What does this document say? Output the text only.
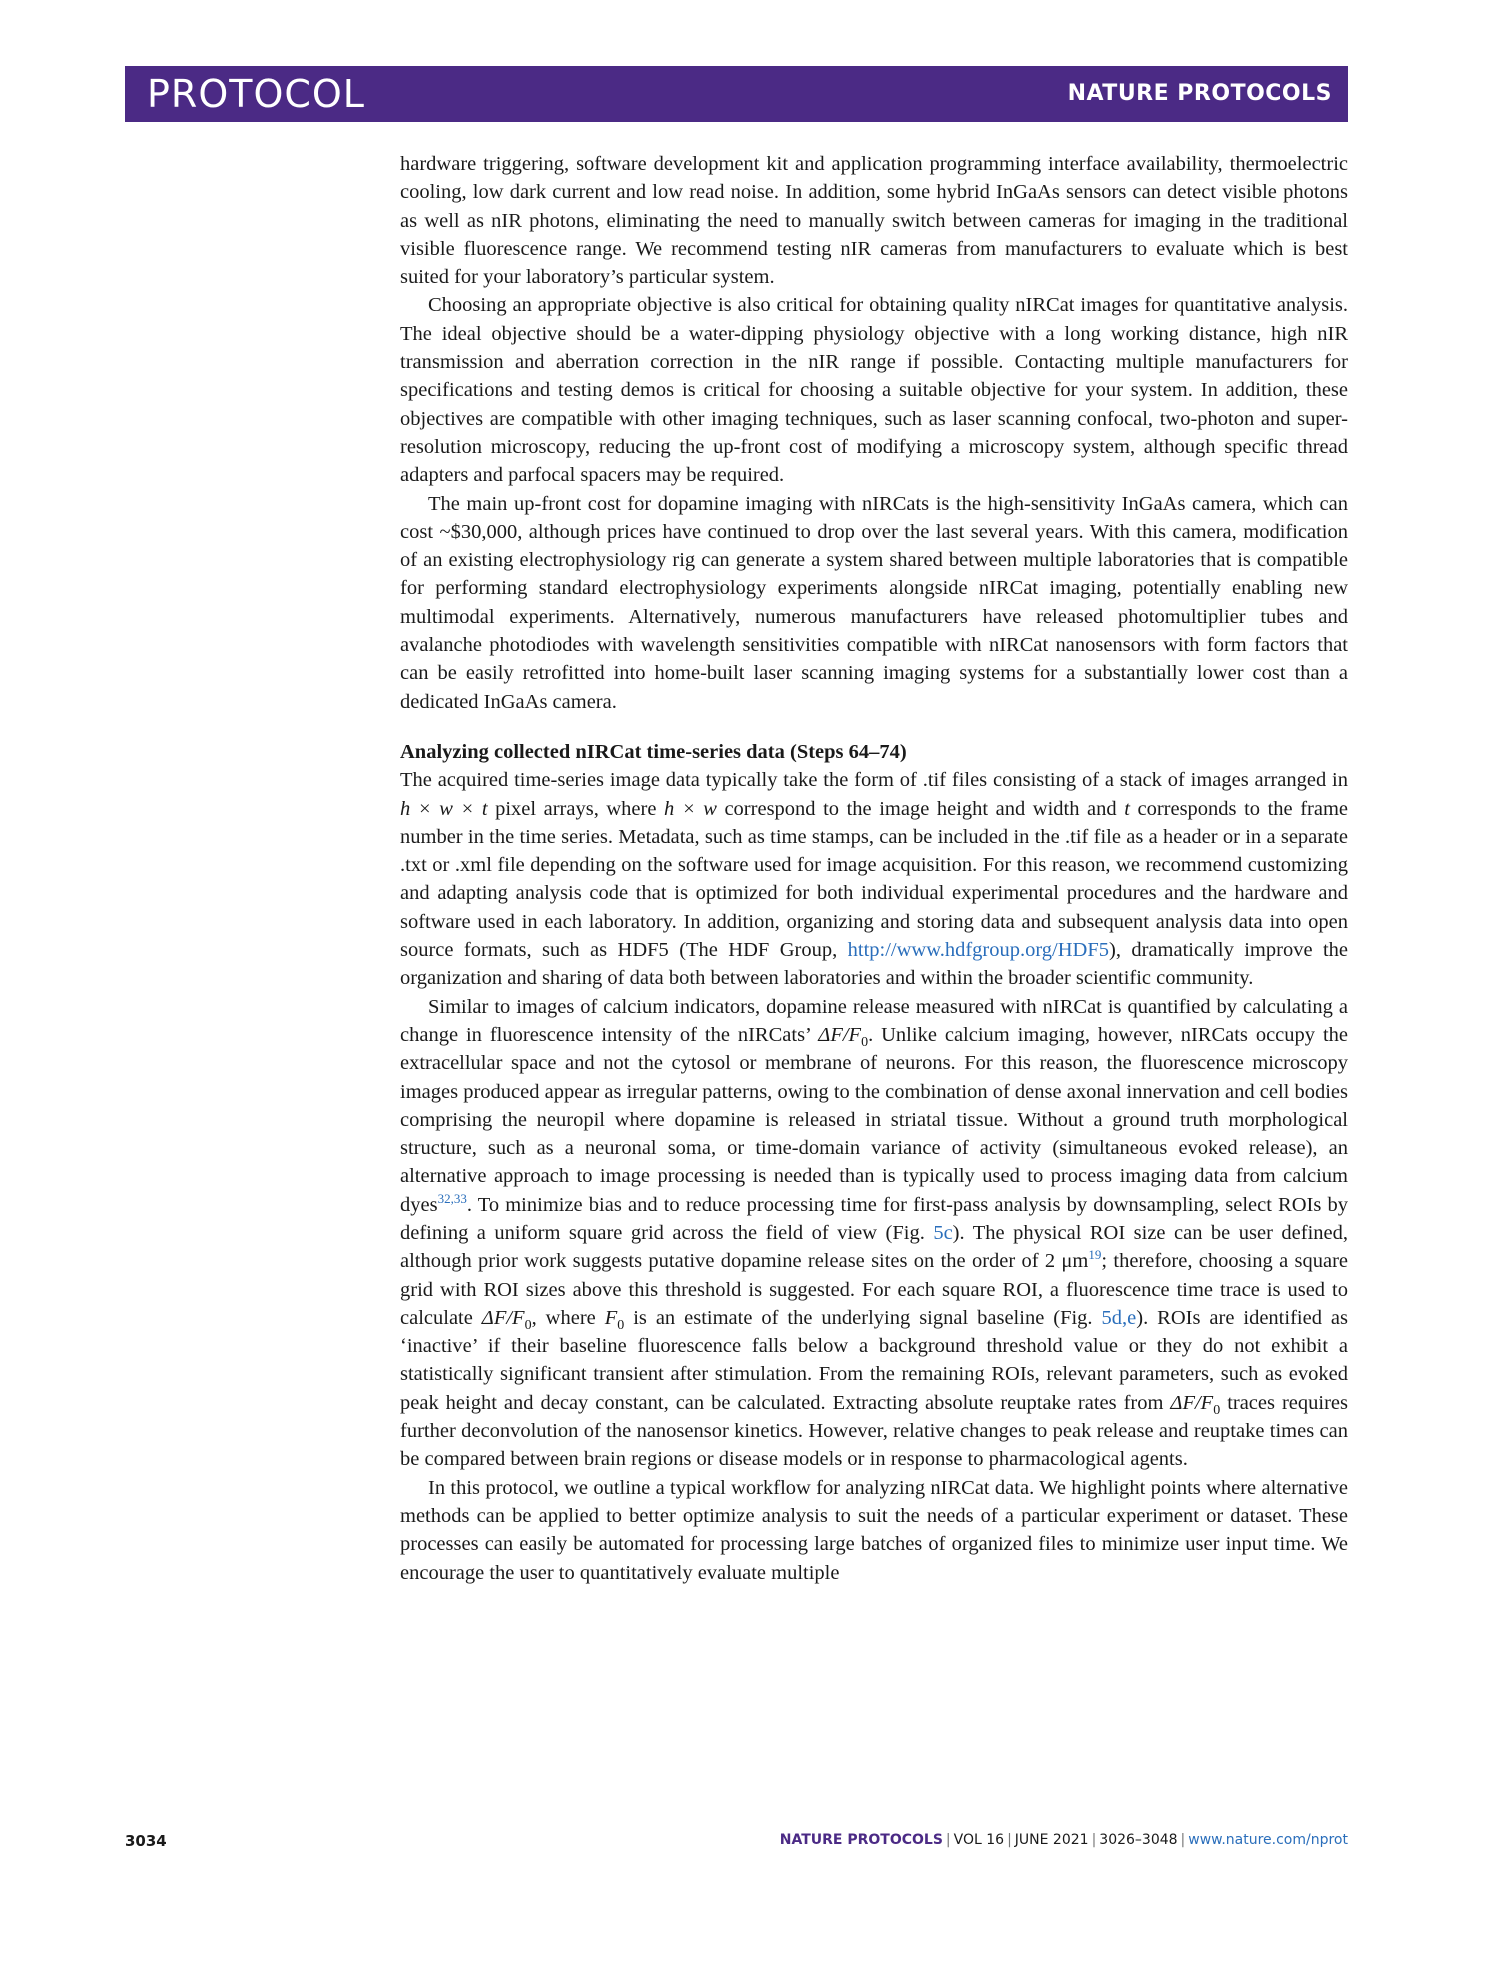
PROTOCOL	NATURE PROTOCOLS

hardware triggering, software development kit and application programming interface availability, thermoelectric cooling, low dark current and low read noise. In addition, some hybrid InGaAs sensors can detect visible photons as well as nIR photons, eliminating the need to manually switch between cameras for imaging in the traditional visible fluorescence range. We recommend testing nIR cameras from manufacturers to evaluate which is best suited for your laboratory’s particular system.

Choosing an appropriate objective is also critical for obtaining quality nIRCat images for quantitative analysis. The ideal objective should be a water-dipping physiology objective with a long working distance, high nIR transmission and aberration correction in the nIR range if possible. Contacting multiple manufacturers for specifications and testing demos is critical for choosing a suitable objective for your system. In addition, these objectives are compatible with other imaging techniques, such as laser scanning confocal, two-photon and super-resolution microscopy, reducing the up-front cost of modifying a microscopy system, although specific thread adapters and parfocal spacers may be required.

The main up-front cost for dopamine imaging with nIRCats is the high-sensitivity InGaAs camera, which can cost ~$30,000, although prices have continued to drop over the last several years. With this camera, modification of an existing electrophysiology rig can generate a system shared between multiple laboratories that is compatible for performing standard electrophysiology experiments alongside nIRCat imaging, potentially enabling new multimodal experiments. Alternatively, numerous manufacturers have released photomultiplier tubes and avalanche photodiodes with wavelength sensitivities compatible with nIRCat nanosensors with form factors that can be easily retrofitted into home-built laser scanning imaging systems for a substantially lower cost than a dedicated InGaAs camera.

Analyzing collected nIRCat time-series data (Steps 64–74)

The acquired time-series image data typically take the form of .tif files consisting of a stack of images arranged in h × w × t pixel arrays, where h × w correspond to the image height and width and t corresponds to the frame number in the time series. Metadata, such as time stamps, can be included in the .tif file as a header or in a separate .txt or .xml file depending on the software used for image acquisition. For this reason, we recommend customizing and adapting analysis code that is optimized for both individual experimental procedures and the hardware and software used in each laboratory. In addition, organizing and storing data and subsequent analysis data into open source formats, such as HDF5 (The HDF Group, http://www.hdfgroup.org/HDF5), dramatically improve the organization and sharing of data both between laboratories and within the broader scientific community.

Similar to images of calcium indicators, dopamine release measured with nIRCat is quantified by calculating a change in fluorescence intensity of the nIRCats’ $\Delta F/F_0$. Unlike calcium imaging, however, nIRCats occupy the extracellular space and not the cytosol or membrane of neurons. For this reason, the fluorescence microscopy images produced appear as irregular patterns, owing to the combination of dense axonal innervation and cell bodies comprising the neuropil where dopamine is released in striatal tissue. Without a ground truth morphological structure, such as a neuronal soma, or time-domain variance of activity (simultaneous evoked release), an alternative approach to image processing is needed than is typically used to process imaging data from calcium dyes$^{32,33}$. To minimize bias and to reduce processing time for first-pass analysis by downsampling, select ROIs by defining a uniform square grid across the field of view (Fig. 5c). The physical ROI size can be user defined, although prior work suggests putative dopamine release sites on the order of 2 $\mu m^{19}$; therefore, choosing a square grid with ROI sizes above this threshold is suggested. For each square ROI, a fluorescence time trace is used to calculate $\Delta F/F_0$, where $F_0$ is an estimate of the underlying signal baseline (Fig. 5d,e). ROIs are identified as ‘inactive’ if their baseline fluorescence falls below a background threshold value or they do not exhibit a statistically significant transient after stimulation. From the remaining ROIs, relevant parameters, such as evoked peak height and decay constant, can be calculated. Extracting absolute reuptake rates from $\Delta F/F_0$ traces requires further deconvolution of the nanosensor kinetics. However, relative changes to peak release and reuptake times can be compared between brain regions or disease models or in response to pharmacological agents.

In this protocol, we outline a typical workflow for analyzing nIRCat data. We highlight points where alternative methods can be applied to better optimize analysis to suit the needs of a particular experiment or dataset. These processes can easily be automated for processing large batches of organized files to minimize user input time. We encourage the user to quantitatively evaluate multiple

3034	NATURE PROTOCOLS | VOL 16 | JUNE 2021 | 3026–3048 | www.nature.com/nprot
